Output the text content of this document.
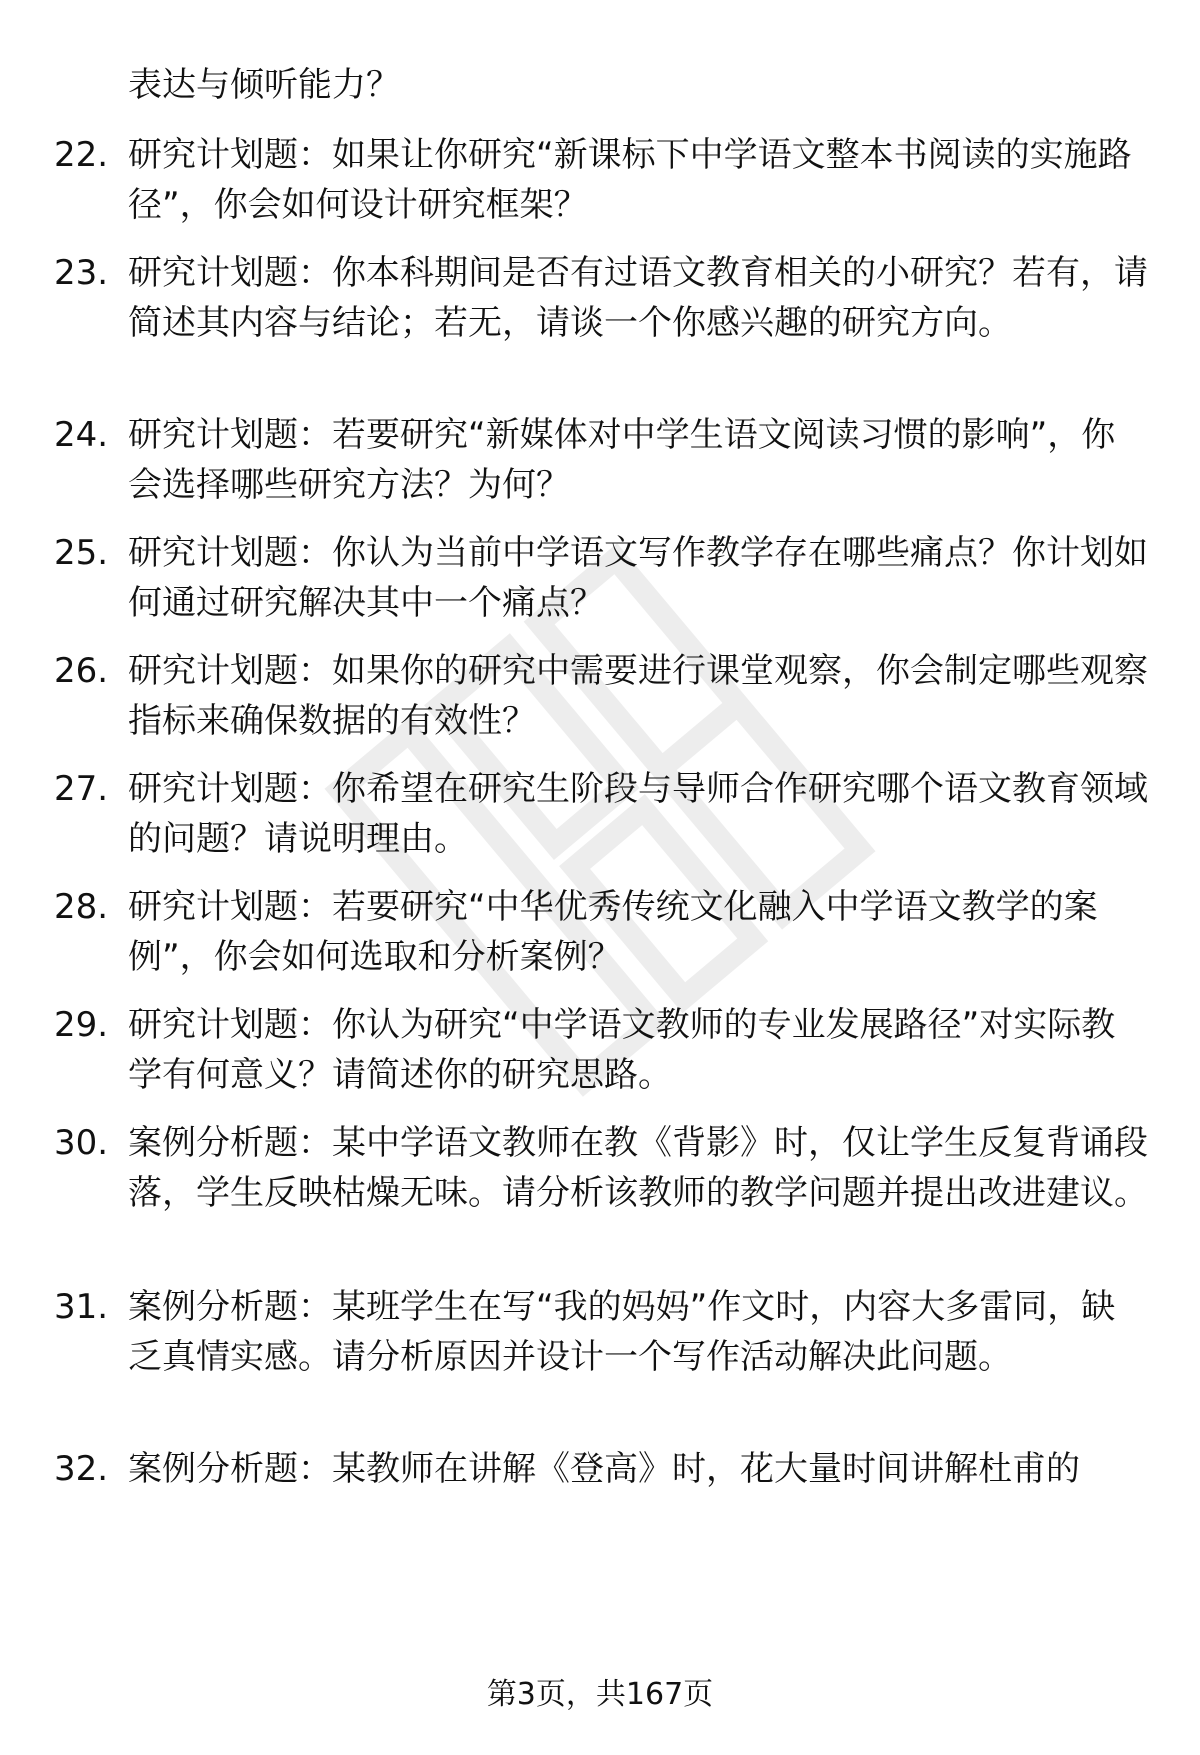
表达与倾听能力？
22. 研究计划题：如果让你研究“新课标下中学语文整本书阅读的实施路径”，你会如何设计研究框架？
23. 研究计划题：你本科期间是否有过语文教育相关的小研究？若有，请简述其内容与结论；若无，请谈一个你感兴趣的研究方向。
24. 研究计划题：若要研究“新媒体对中学生语文阅读习惯的影响”，你会选择哪些研究方法？为何？
25. 研究计划题：你认为当前中学语文写作教学存在哪些痛点？你计划如何通过研究解决其中一个痛点？
26. 研究计划题：如果你的研究中需要进行课堂观察，你会制定哪些观察指标来确保数据的有效性？
27. 研究计划题：你希望在研究生阶段与导师合作研究哪个语文教育领域的问题？请说明理由。
28. 研究计划题：若要研究“中华优秀传统文化融入中学语文教学的案例”，你会如何选取和分析案例？
29. 研究计划题：你认为研究“中学语文教师的专业发展路径”对实际教学有何意义？请简述你的研究思路。
30. 案例分析题：某中学语文教师在教《背影》时，仅让学生反复背诵段落，学生反映枯燥无味。请分析该教师的教学问题并提出改进建议。
31. 案例分析题：某班学生在写“我的妈妈”作文时，内容大多雷同，缺乏真情实感。请分析原因并设计一个写作活动解决此问题。
32. 案例分析题：某教师在讲解《登高》时，花大量时间讲解杜甫的
第3页，共167页
